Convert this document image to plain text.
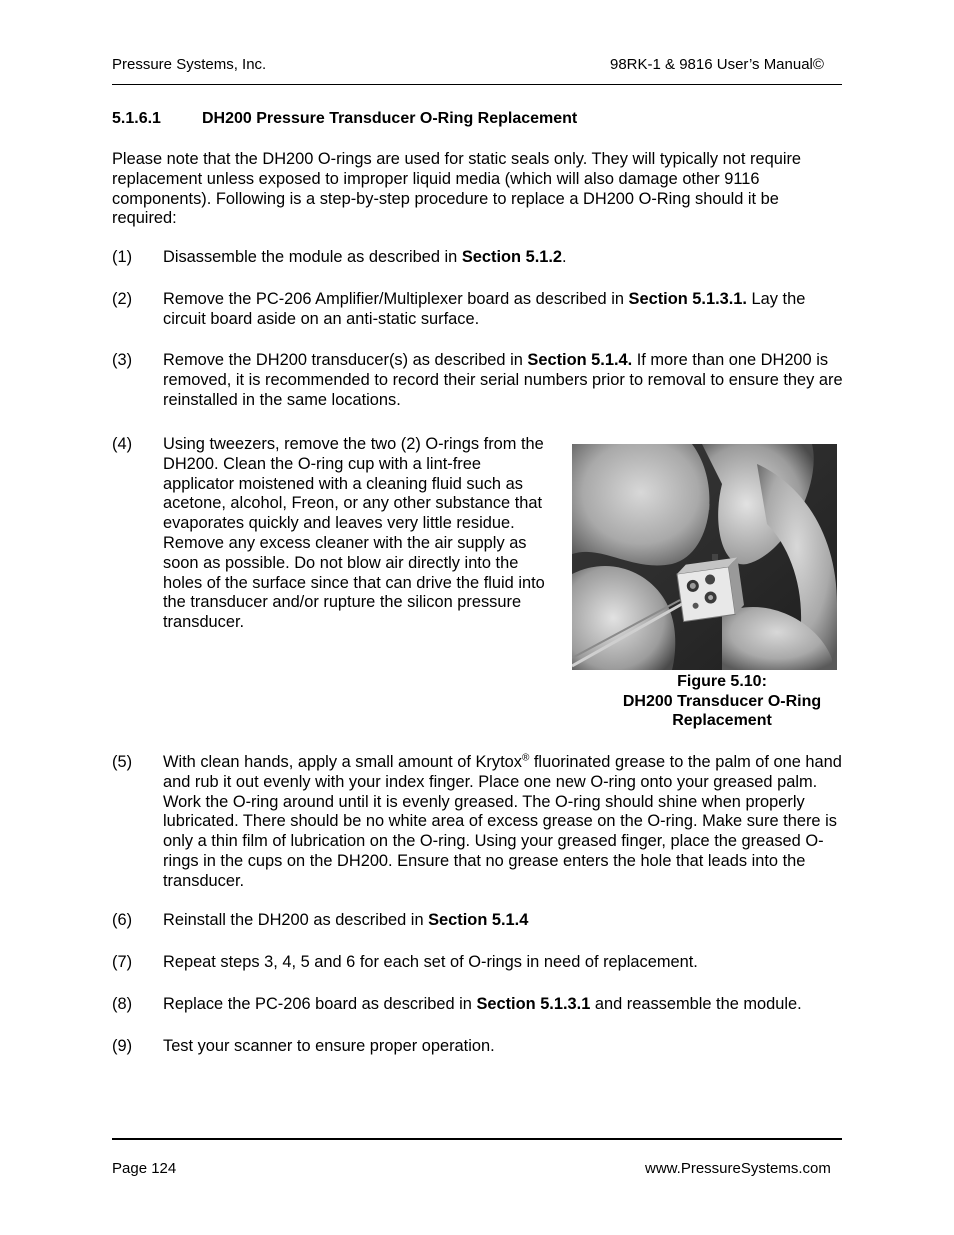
Pressure Systems, Inc.	98RK-1 & 9816 User’s Manual©
5.1.6.1	DH200 Pressure Transducer O-Ring Replacement
Please note that the DH200 O-rings are used for static seals only. They will typically not require replacement unless exposed to improper liquid media (which will also damage other 9116 components). Following is a step-by-step procedure to replace a DH200 O-Ring should it be required:
(1) Disassemble the module as described in Section 5.1.2.
(2) Remove the PC-206 Amplifier/Multiplexer board as described in Section 5.1.3.1. Lay the circuit board aside on an anti-static surface.
(3) Remove the DH200 transducer(s) as described in Section 5.1.4. If more than one DH200 is removed, it is recommended to record their serial numbers prior to removal to ensure they are reinstalled in the same locations.
(4) Using tweezers, remove the two (2) O-rings from the DH200. Clean the O-ring cup with a lint-free applicator moistened with a cleaning fluid such as acetone, alcohol, Freon, or any other substance that evaporates quickly and leaves very little residue. Remove any excess cleaner with the air supply as soon as possible. Do not blow air directly into the holes of the surface since that can drive the fluid into the transducer and/or rupture the silicon pressure transducer.
Figure 5.10:
DH200 Transducer O-Ring
Replacement
(5) With clean hands, apply a small amount of Krytox® fluorinated grease to the palm of one hand and rub it out evenly with your index finger. Place one new O-ring onto your greased palm. Work the O-ring around until it is evenly greased. The O-ring should shine when properly lubricated. There should be no white area of excess grease on the O-ring. Make sure there is only a thin film of lubrication on the O-ring. Using your greased finger, place the greased O-rings in the cups on the DH200. Ensure that no grease enters the hole that leads into the transducer.
(6) Reinstall the DH200 as described in Section 5.1.4
(7) Repeat steps 3, 4, 5 and 6 for each set of O-rings in need of replacement.
(8) Replace the PC-206 board as described in Section 5.1.3.1 and reassemble the module.
(9) Test your scanner to ensure proper operation.
Page 124	www.PressureSystems.com
